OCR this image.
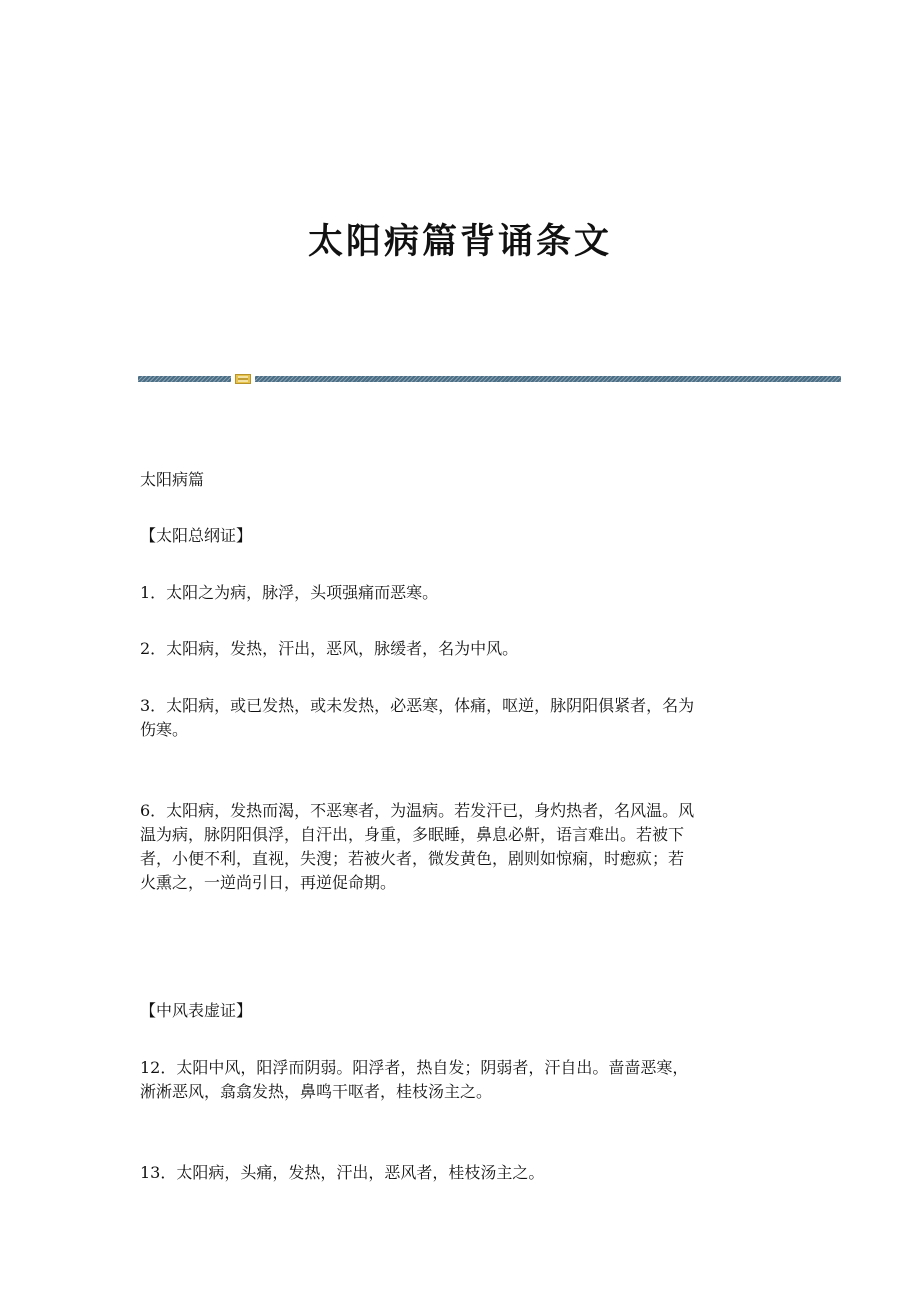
太阳病篇背诵条文

太阳病篇

【太阳总纲证】

1．太阳之为病，脉浮，头项强痛而恶寒。

2．太阳病，发热，汗出，恶风，脉缓者，名为中风。

3．太阳病，或已发热，或未发热，必恶寒，体痛，呕逆，脉阴阳俱紧者，名为

伤寒。

6．太阳病，发热而渴，不恶寒者，为温病。若发汗已，身灼热者，名风温。风

温为病，脉阴阳俱浮，自汗出，身重，多眠睡，鼻息必鼾，语言难出。若被下

者，小便不利，直视，失溲；若被火者，微发黄色，剧则如惊痫，时瘛疭；若

火熏之，一逆尚引日，再逆促命期。

【中风表虚证】

12．太阳中风，阳浮而阴弱。阳浮者，热自发；阴弱者，汗自出。啬啬恶寒，

淅淅恶风，翕翕发热，鼻鸣干呕者，桂枝汤主之。

13．太阳病，头痛，发热，汗出，恶风者，桂枝汤主之。
